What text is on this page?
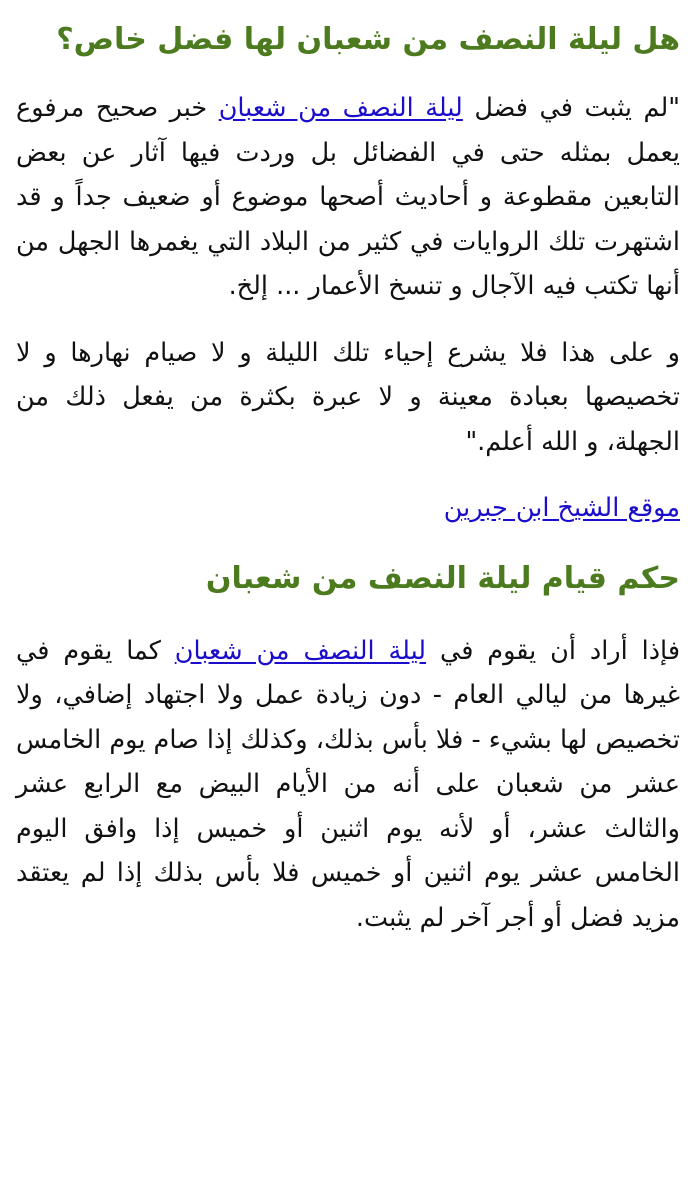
هل ليلة النصف من شعبان لها فضل خاص؟

"لم يثبت في فضل ليلة النصف من شعبان خبر صحيح مرفوع يعمل بمثله حتى في الفضائل بل وردت فيها آثار عن بعض التابعين مقطوعة و أحاديث أصحها موضوع أو ضعيف جداً و قد اشتهرت تلك الروايات في كثير من البلاد التي يغمرها الجهل من أنها تكتب فيه الآجال و تنسخ الأعمار ... إلخ.

و على هذا فلا يشرع إحياء تلك الليلة و لا صيام نهارها و لا تخصيصها بعبادة معينة و لا عبرة بكثرة من يفعل ذلك من الجهلة، و الله أعلم."

موقع الشيخ ابن جبرين

حكم قيام ليلة النصف من شعبان

فإذا أراد أن يقوم في ليلة النصف من شعبان كما يقوم في غيرها من ليالي العام - دون زيادة عمل ولا اجتهاد إضافي، ولا تخصيص لها بشيء - فلا بأس بذلك، وكذلك إذا صام يوم الخامس عشر من شعبان على أنه من الأيام البيض مع الرابع عشر والثالث عشر، أو لأنه يوم اثنين أو خميس إذا وافق اليوم الخامس عشر يوم اثنين أو خميس فلا بأس بذلك إذا لم يعتقد مزيد فضل أو أجر آخر لم يثبت.
